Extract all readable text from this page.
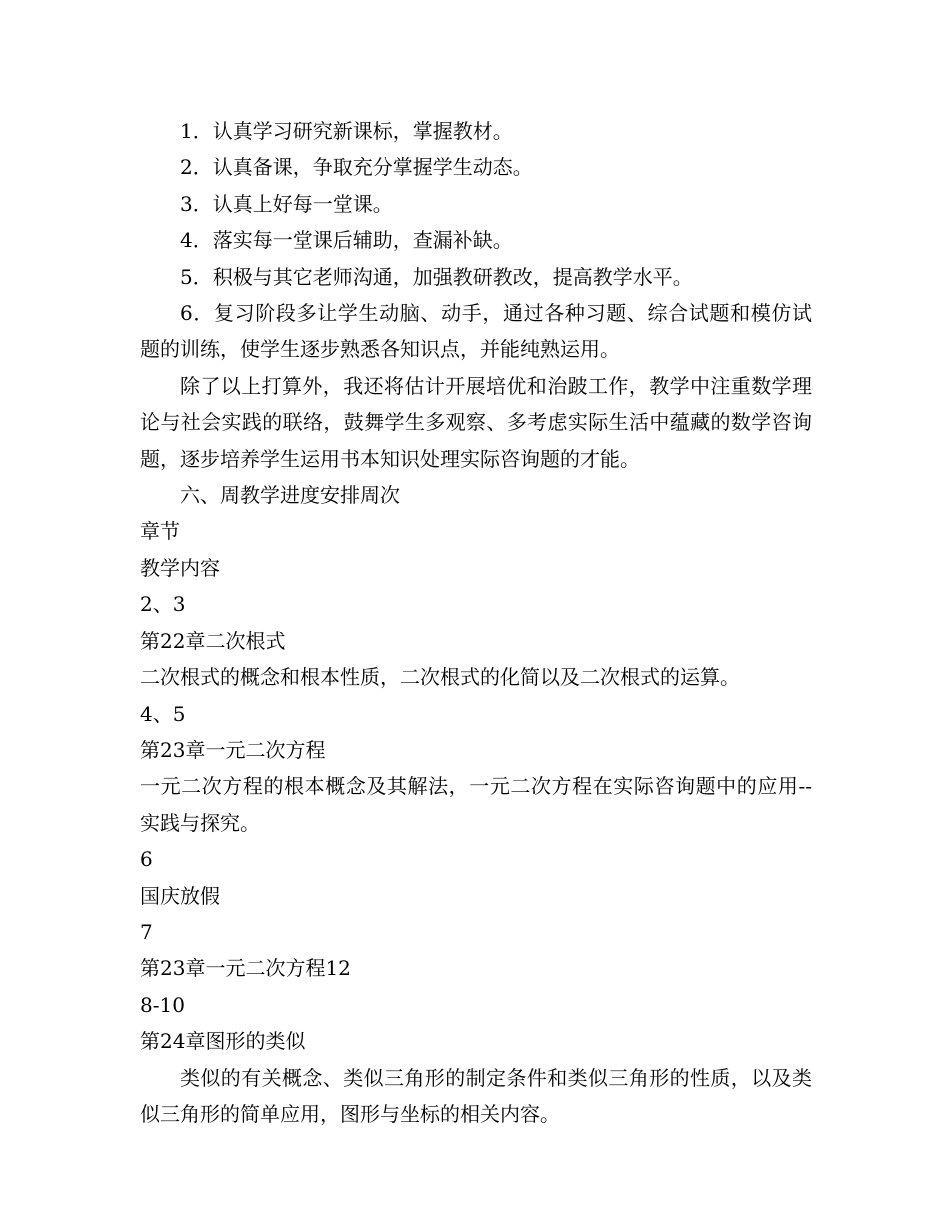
1．认真学习研究新课标，掌握教材。

2．认真备课，争取充分掌握学生动态。

3．认真上好每一堂课。

4．落实每一堂课后辅助，查漏补缺。

5．积极与其它老师沟通，加强教研教改，提高教学水平。

6．复习阶段多让学生动脑、动手，通过各种习题、综合试题和模仿试题的训练，使学生逐步熟悉各知识点，并能纯熟运用。

除了以上打算外，我还将估计开展培优和治跛工作，教学中注重数学理论与社会实践的联络，鼓舞学生多观察、多考虑实际生活中蕴藏的数学咨询题，逐步培养学生运用书本知识处理实际咨询题的才能。

六、周教学进度安排周次

章节

教学内容

2、3

第22章二次根式

二次根式的概念和根本性质，二次根式的化简以及二次根式的运算。

4、5

第23章一元二次方程

一元二次方程的根本概念及其解法，一元二次方程在实际咨询题中的应用--实践与探究。

6

国庆放假

7

第23章一元二次方程12

8-10

第24章图形的类似

类似的有关概念、类似三角形的制定条件和类似三角形的性质，以及类似三角形的简单应用，图形与坐标的相关内容。
